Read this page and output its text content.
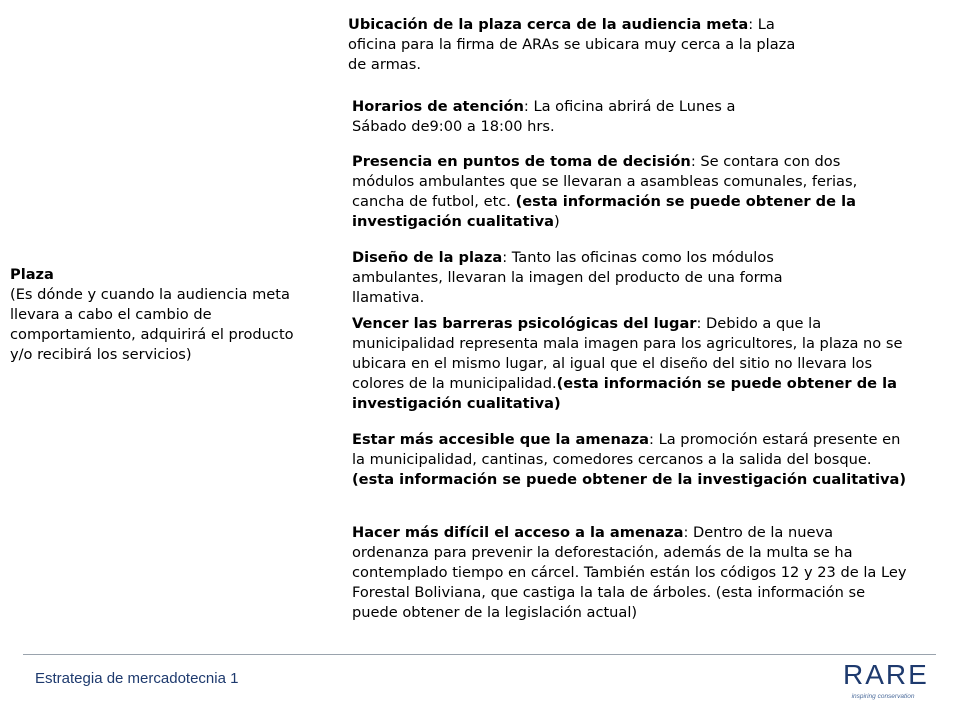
Plaza
(Es dónde y cuando la audiencia meta llevara a cabo el cambio de comportamiento, adquirirá el producto y/o recibirá los servicios)
Ubicación de la plaza cerca de la audiencia meta: La oficina para la firma de ARAs se ubicara muy cerca a la plaza de armas.
Horarios de atención: La oficina abrirá de Lunes a Sábado de9:00 a 18:00 hrs.
Presencia en puntos de toma de decisión: Se contara con dos módulos ambulantes que se llevaran a asambleas comunales, ferias, cancha de futbol, etc. (esta información se puede obtener de la investigación cualitativa)
Diseño de la plaza: Tanto las oficinas como los módulos ambulantes, llevaran la imagen del producto de una forma llamativa.
Vencer las barreras psicológicas del lugar: Debido a que la municipalidad representa mala imagen para los agricultores, la plaza no se ubicara en el mismo lugar, al igual que el diseño del sitio no llevara los colores de la municipalidad.(esta información se puede obtener de la investigación cualitativa)
Estar más accesible que la amenaza: La promoción estará presente en la municipalidad, cantinas, comedores cercanos a la salida del bosque. (esta información se puede obtener de la investigación cualitativa)
Hacer más difícil el acceso a la amenaza: Dentro de la nueva ordenanza para prevenir la deforestación, además de la multa se ha contemplado tiempo en cárcel. También están los códigos 12 y 23 de la Ley Forestal Boliviana, que castiga la tala de árboles. (esta información se puede obtener de la legislación actual)
Estrategia de mercadotecnia 1	RARE
inspiring conservation
